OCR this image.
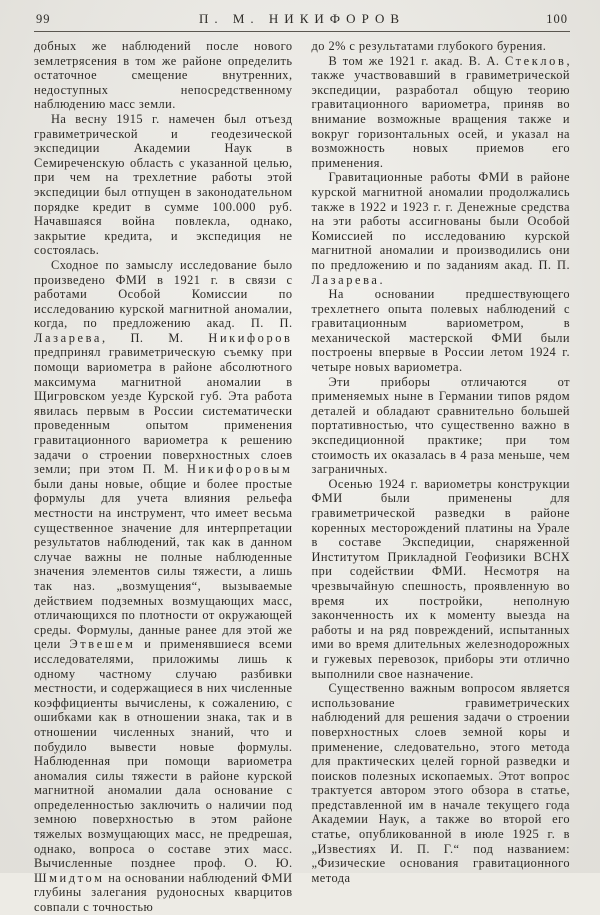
99	П. М. НИКИФОРОВ	100

добных же наблюдений после нового землетрясения в том же районе определить остаточное смещение внутренних, недоступных непосредственному наблюдению масс земли.

На весну 1915 г. намечен был отъезд гравиметрической и геодезической экспедиции Академии Наук в Семиреченскую область с указанной целью, при чем на трехлетние работы этой экспедиции был отпущен в законодательном порядке кредит в сумме 100.000 руб. Начавшаяся война повлекла, однако, закрытие кредита, и экспедиция не состоялась.

Сходное по замыслу исследование было произведено ФМИ в 1921 г. в связи с работами Особой Комиссии по исследованию курской магнитной аномалии, когда, по предложению акад. П. П. Лазарева, П. М. Никифоров предпринял гравиметрическую съемку при помощи вариометра в районе абсолютного максимума магнитной аномалии в Щигровском уезде Курской губ. Эта работа явилась первым в России систематически проведенным опытом применения гравитационного вариометра к решению задачи о строении поверхностных слоев земли; при этом П. М. Никифоровым были даны новые, общие и более простые формулы для учета влияния рельефа местности на инструмент, что имеет весьма существенное значение для интерпретации результатов наблюдений, так как в данном случае важны не полные наблюденные значения элементов силы тяжести, а лишь так наз. „возмущения“, вызываемые действием подземных возмущающих масс, отличающихся по плотности от окружающей среды. Формулы, данные ранее для этой же цели Этвешем и применявшиеся всеми исследователями, приложимы лишь к одному частному случаю разбивки местности, и содержащиеся в них численные коэффициенты вычислены, к сожалению, с ошибками как в отношении знака, так и в отношении численных знаний, что и побудило вывести новые формулы. Наблюденная при помощи вариометра аномалия силы тяжести в районе курской магнитной аномалии дала основание с определенностью заключить о наличии под земною поверхностью в этом районе тяжелых возмущающих масс, не предрешая, однако, вопроса о составе этих масс. Вычисленные позднее проф. О. Ю. Шмидтом на основании наблюдений ФМИ глубины залегания рудоносных кварцитов совпали с точностью

до 2% с результатами глубокого бурения.

В том же 1921 г. акад. В. А. Стеклов, также участвовавший в гравиметрической экспедиции, разработал общую теорию гравитационного вариометра, приняв во внимание возможные вращения также и вокруг горизонтальных осей, и указал на возможность новых приемов его применения.

Гравитационные работы ФМИ в районе курской магнитной аномалии продолжались также в 1922 и 1923 г. г. Денежные средства на эти работы ассигнованы были Особой Комиссией по исследованию курской магнитной аномалии и производились они по предложению и по заданиям акад. П. П. Лазарева.

На основании предшествующего трехлетнего опыта полевых наблюдений с гравитационным вариометром, в механической мастерской ФМИ были построены впервые в России летом 1924 г. четыре новых вариометра.

Эти приборы отличаются от применяемых ныне в Германии типов рядом деталей и обладают сравнительно большей портативностью, что существенно важно в экспедиционной практике; при том стоимость их оказалась в 4 раза меньше, чем заграничных.

Осенью 1924 г. вариометры конструкции ФМИ были применены для гравиметрической разведки в районе коренных месторождений платины на Урале в составе Экспедиции, снаряженной Институтом Прикладной Геофизики ВСНХ при содействии ФМИ. Несмотря на чрезвычайную спешность, проявленную во время их постройки, неполную законченность их к моменту выезда на работы и на ряд повреждений, испытанных ими во время длительных железнодорожных и гужевых перевозок, приборы эти отлично выполнили свое назначение.

Существенно важным вопросом является использование гравиметрических наблюдений для решения задачи о строении поверхностных слоев земной коры и применение, следовательно, этого метода для практических целей горной разведки и поисков полезных ископаемых. Этот вопрос трактуется автором этого обзора в статье, представленной им в начале текущего года Академии Наук, а также во второй его статье, опубликованной в июле 1925 г. в „Известиях И. П. Г.“ под названием: „Физические основания гравитационного метода
